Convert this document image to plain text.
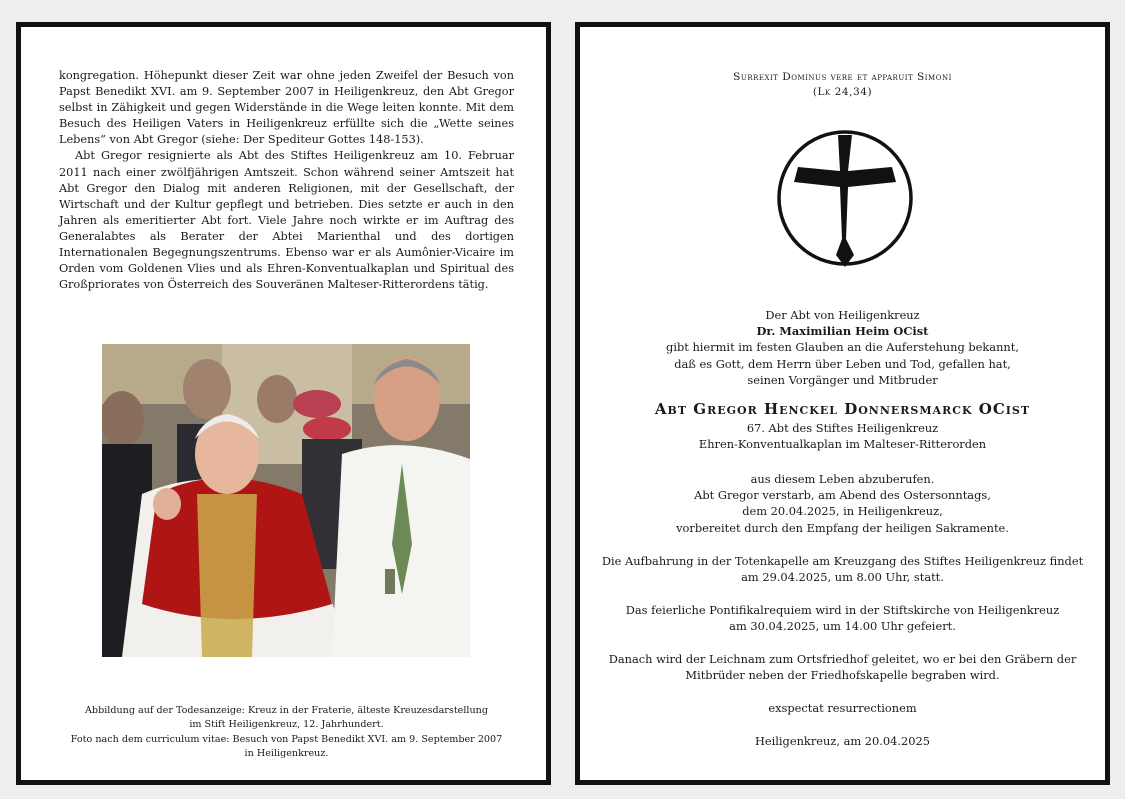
kongregation. Höhepunkt dieser Zeit war ohne jeden Zweifel der Besuch von Papst Benedikt XVI. am 9. September 2007 in Heiligenkreuz, den Abt Gregor selbst in Zähigkeit und gegen Widerstände in die Wege leiten konnte. Mit dem Besuch des Heiligen Vaters in Heiligenkreuz erfüllte sich die „Wette seines Lebens“ von Abt Gregor (siehe: Der Spediteur Gottes 148-153).

Abt Gregor resignierte als Abt des Stiftes Heiligenkreuz am 10. Februar 2011 nach einer zwölfjährigen Amtszeit. Schon während seiner Amtszeit hat Abt Gregor den Dialog mit anderen Religionen, mit der Gesellschaft, der Wirtschaft und der Kultur gepflegt und betrieben. Dies setzte er auch in den Jahren als emeritierter Abt fort. Viele Jahre noch wirkte er im Auftrag des Generalabtes als Berater der Abtei Marienthal und des dortigen Internationalen Begegnungszentrums. Ebenso war er als Aumônier-Vicaire im Orden vom Goldenen Vlies und als Ehren-Konventualkaplan und Spiritual des Großpriorates von Österreich des Souveränen Malteser-Ritterordens tätig.

Abbildung auf der Todesanzeige: Kreuz in der Fraterie, älteste Kreuzesdarstellung
im Stift Heiligenkreuz, 12. Jahrhundert.
Foto nach dem curriculum vitae: Besuch von Papst Benedikt XVI. am 9. September 2007
in Heiligenkreuz.
Surrexit Dominus vere et apparuit Simoni
(Lk 24,34)
Der Abt von Heiligenkreuz
Dr. Maximilian Heim OCist
gibt hiermit im festen Glauben an die Auferstehung bekannt,
daß es Gott, dem Herrn über Leben und Tod, gefallen hat,
seinen Vorgänger und Mitbruder
Abt Gregor Henckel Donnersmarck OCist
67. Abt des Stiftes Heiligenkreuz
Ehren-Konventualkaplan im Malteser-Ritterorden
aus diesem Leben abzuberufen.
Abt Gregor verstarb, am Abend des Ostersonntags,
dem 20.04.2025, in Heiligenkreuz,
vorbereitet durch den Empfang der heiligen Sakramente.
Die Aufbahrung in der Totenkapelle am Kreuzgang des Stiftes Heiligenkreuz findet
am 29.04.2025, um 8.00 Uhr, statt.
Das feierliche Pontifikalrequiem wird in der Stiftskirche von Heiligenkreuz
am 30.04.2025, um 14.00 Uhr gefeiert.
Danach wird der Leichnam zum Ortsfriedhof geleitet, wo er bei den Gräbern der
Mitbrüder neben der Friedhofskapelle begraben wird.
exspectat resurrectionem
Heiligenkreuz, am 20.04.2025
